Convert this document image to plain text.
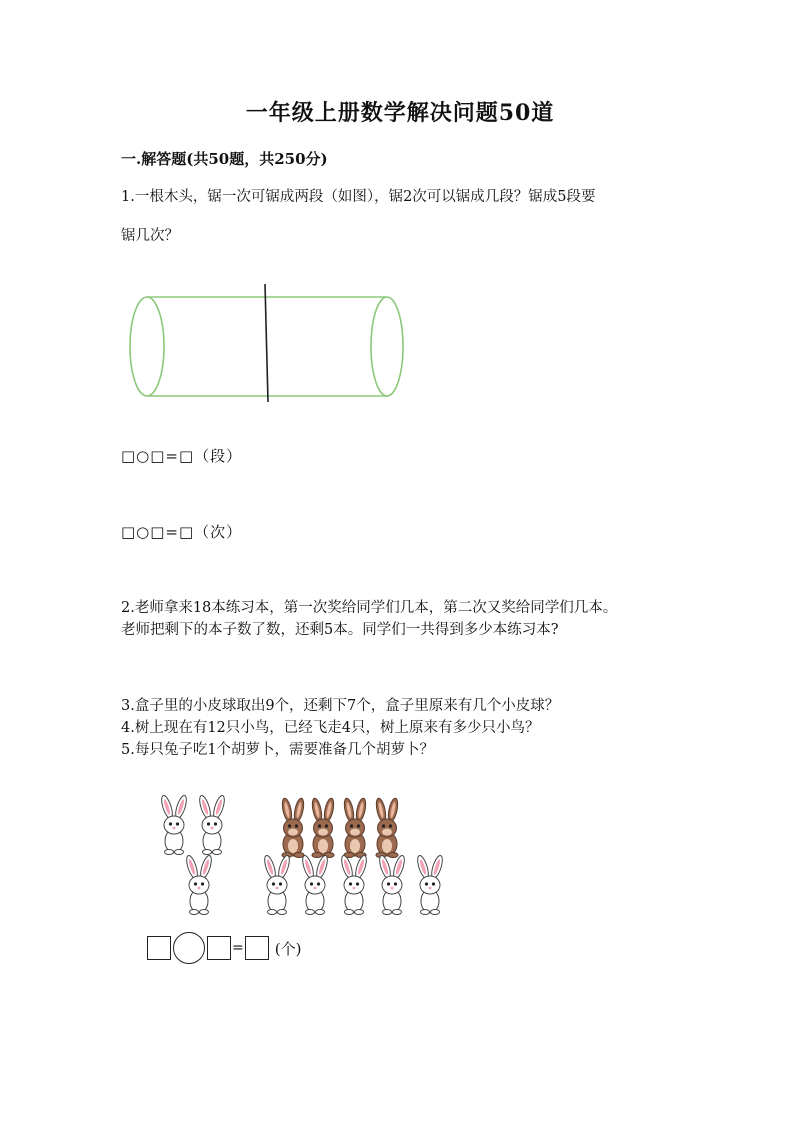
一年级上册数学解决问题50道
一.解答题(共50题，共250分)
1.一根木头，锯一次可锯成两段（如图），锯2次可以锯成几段？锯成5段要
锯几次？
□○□=□（段）
□○□=□（次）
2.老师拿来18本练习本，第一次奖给同学们几本，第二次又奖给同学们几本。
老师把剩下的本子数了数，还剩5本。同学们一共得到多少本练习本?
3.盒子里的小皮球取出9个，还剩下7个，盒子里原来有几个小皮球？
4.树上现在有12只小鸟，已经飞走4只，树上原来有多少只小鸟？
5.每只兔子吃1个胡萝卜，需要准备几个胡萝卜？
= (个)
